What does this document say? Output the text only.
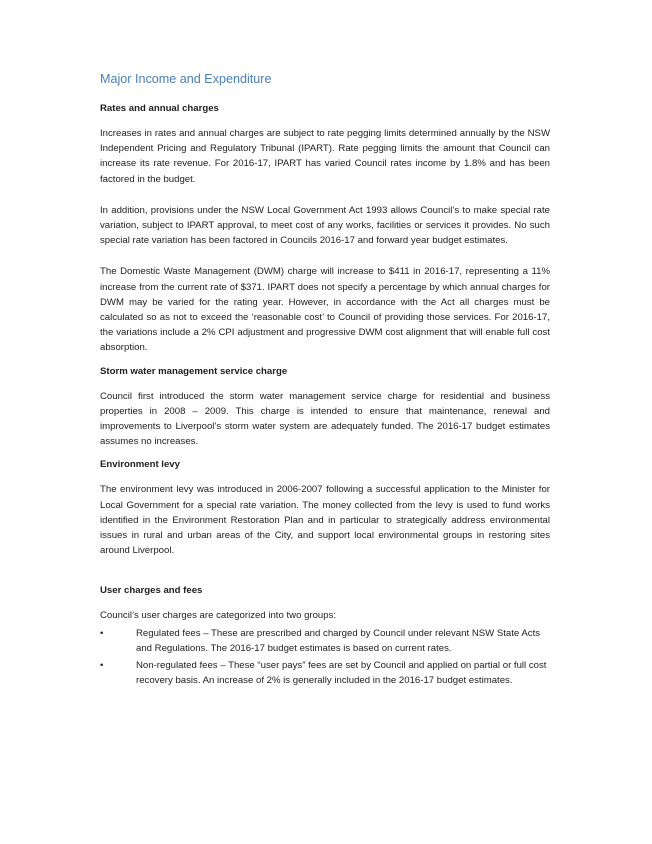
Major Income and Expenditure
Rates and annual charges

Increases in rates and annual charges are subject to rate pegging limits determined annually by the NSW Independent Pricing and Regulatory Tribunal (IPART). Rate pegging limits the amount that Council can increase its rate revenue. For 2016-17, IPART has varied Council rates income by 1.8% and has been factored in the budget.

In addition, provisions under the NSW Local Government Act 1993 allows Council’s to make special rate variation, subject to IPART approval, to meet cost of any works, facilities or services it provides. No such special rate variation has been factored in Councils 2016-17 and forward year budget estimates.

The Domestic Waste Management (DWM) charge will increase to $411 in 2016-17, representing a 11% increase from the current rate of $371. IPART does not specify a percentage by which annual charges for DWM may be varied for the rating year. However, in accordance with the Act all charges must be calculated so as not to exceed the ‘reasonable cost’ to Council of providing those services. For 2016-17, the variations include a 2% CPI adjustment and progressive DWM cost alignment that will enable full cost absorption.

Storm water management service charge

Council first introduced the storm water management service charge for residential and business properties in 2008 – 2009. This charge is intended to ensure that maintenance, renewal and improvements to Liverpool’s storm water system are adequately funded. The 2016-17 budget estimates assumes no increases.

Environment levy

The environment levy was introduced in 2006-2007 following a successful application to the Minister for Local Government for a special rate variation. The money collected from the levy is used to fund works identified in the Environment Restoration Plan and in particular to strategically address environmental issues in rural and urban areas of the City, and support local environmental groups in restoring sites around Liverpool.

User charges and fees

Council’s user charges are categorized into two groups:

•	Regulated fees – These are prescribed and charged by Council under relevant NSW State Acts and Regulations. The 2016-17 budget estimates is based on current rates.
•	Non-regulated fees – These “user pays” fees are set by Council and applied on partial or full cost recovery basis. An increase of 2% is generally included in the 2016-17 budget estimates.
